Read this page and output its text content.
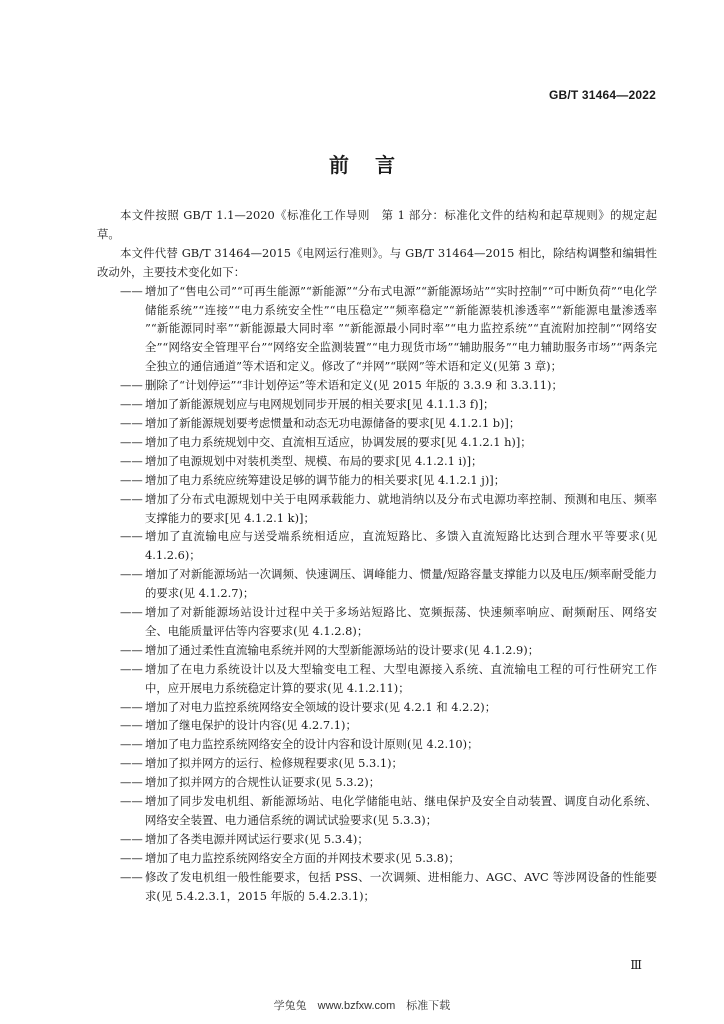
GB/T 31464—2022
前言

本文件按照 GB/T 1.1—2020《标准化工作导则　第 1 部分：标准化文件的结构和起草规则》的规定起草。

本文件代替 GB/T 31464—2015《电网运行准则》。与 GB/T 31464—2015 相比，除结构调整和编辑性改动外，主要技术变化如下：

—— 增加了“售电公司”“可再生能源”“新能源”“分布式电源”“新能源场站”“实时控制”“可中断负荷”“电化学储能系统”“连接”“电力系统安全性”“电压稳定”“频率稳定”“新能源装机渗透率”“新能源电量渗透率 ”“新能源同时率”“新能源最大同时率 ”“新能源最小同时率”“电力监控系统”“直流附加控制”“网络安全”“网络安全管理平台”“网络安全监测装置”“电力现货市场”“辅助服务”“电力辅助服务市场”“两条完全独立的通信通道”等术语和定义。修改了“并网”“联网”等术语和定义(见第 3 章)；
—— 删除了“计划停运”“非计划停运”等术语和定义(见 2015 年版的 3.3.9 和 3.3.11)；
—— 增加了新能源规划应与电网规划同步开展的相关要求[见 4.1.1.3 f)]；
—— 增加了新能源规划要考虑惯量和动态无功电源储备的要求[见 4.1.2.1 b)]；
—— 增加了电力系统规划中交、直流相互适应，协调发展的要求[见 4.1.2.1 h)]；
—— 增加了电源规划中对装机类型、规模、布局的要求[见 4.1.2.1 i)]；
—— 增加了电力系统应统筹建设足够的调节能力的相关要求[见 4.1.2.1 j)]；
—— 增加了分布式电源规划中关于电网承载能力、就地消纳以及分布式电源功率控制、预测和电压、频率支撑能力的要求[见 4.1.2.1 k)]；
—— 增加了直流输电应与送受端系统相适应，直流短路比、多馈入直流短路比达到合理水平等要求(见 4.1.2.6)；
—— 增加了对新能源场站一次调频、快速调压、调峰能力、惯量/短路容量支撑能力以及电压/频率耐受能力的要求(见 4.1.2.7)；
—— 增加了对新能源场站设计过程中关于多场站短路比、宽频振荡、快速频率响应、耐频耐压、网络安全、电能质量评估等内容要求(见 4.1.2.8)；
—— 增加了通过柔性直流输电系统并网的大型新能源场站的设计要求(见 4.1.2.9)；
—— 增加了在电力系统设计以及大型输变电工程、大型电源接入系统、直流输电工程的可行性研究工作中，应开展电力系统稳定计算的要求(见 4.1.2.11)；
—— 增加了对电力监控系统网络安全领域的设计要求(见 4.2.1 和 4.2.2)；
—— 增加了继电保护的设计内容(见 4.2.7.1)；
—— 增加了电力监控系统网络安全的设计内容和设计原则(见 4.2.10)；
—— 增加了拟并网方的运行、检修规程要求(见 5.3.1)；
—— 增加了拟并网方的合规性认证要求(见 5.3.2)；
—— 增加了同步发电机组、新能源场站、电化学储能电站、继电保护及安全自动装置、调度自动化系统、网络安全装置、电力通信系统的调试试验要求(见 5.3.3)；
—— 增加了各类电源并网试运行要求(见 5.3.4)；
—— 增加了电力监控系统网络安全方面的并网技术要求(见 5.3.8)；
—— 修改了发电机组一般性能要求，包括 PSS、一次调频、进相能力、AGC、AVC 等涉网设备的性能要求(见 5.4.2.3.1，2015 年版的 5.4.2.3.1)；
Ⅲ
学兔兔　www.bzfxw.com　标准下载
